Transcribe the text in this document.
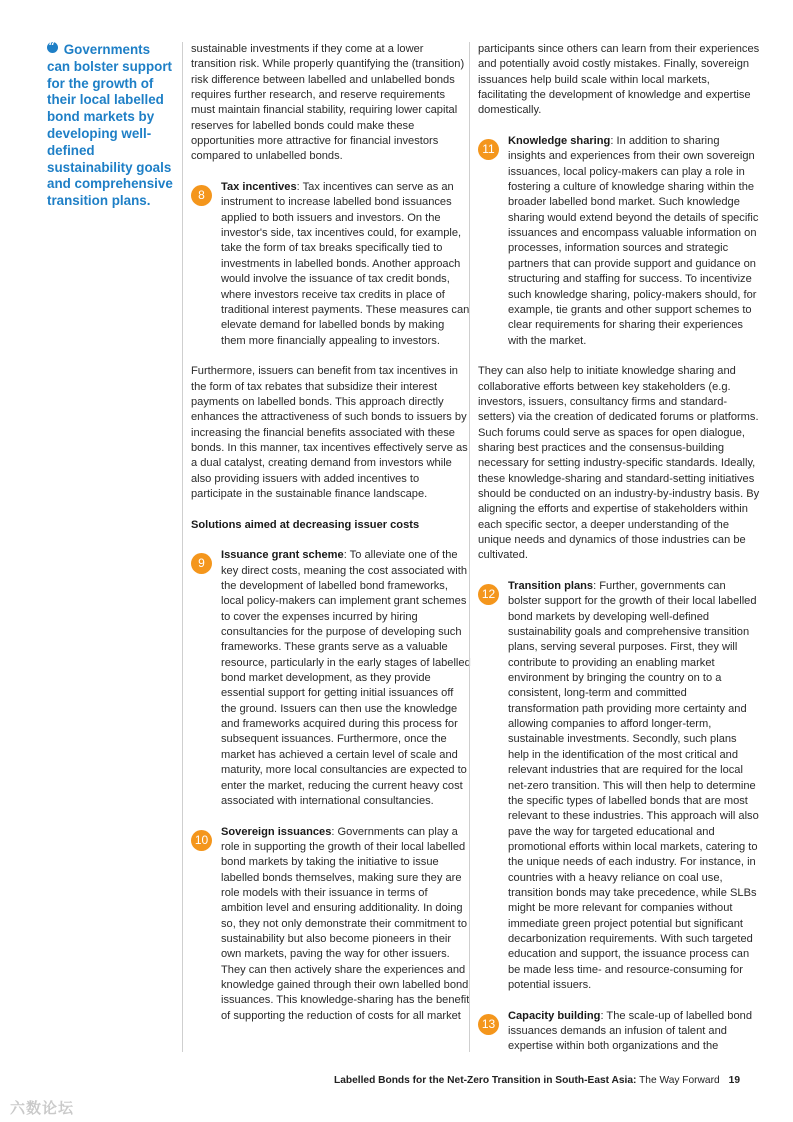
“ Governments can bolster support for the growth of their local labelled bond markets by developing well-defined sustainability goals and comprehensive transition plans.

sustainable investments if they come at a lower transition risk. While properly quantifying the (transition) risk difference between labelled and unlabelled bonds requires further research, and reserve requirements must maintain financial stability, requiring lower capital reserves for labelled bonds could make these opportunities more attractive for financial investors compared to unlabelled bonds.

8
Tax incentives: Tax incentives can serve as an instrument to increase labelled bond issuances applied to both issuers and investors. On the investor's side, tax incentives could, for example, take the form of tax breaks specifically tied to investments in labelled bonds. Another approach would involve the issuance of tax credit bonds, where investors receive tax credits in place of traditional interest payments. These measures can elevate demand for labelled bonds by making them more financially appealing to investors.

Furthermore, issuers can benefit from tax incentives in the form of tax rebates that subsidize their interest payments on labelled bonds. This approach directly enhances the attractiveness of such bonds to issuers by increasing the financial benefits associated with these bonds. In this manner, tax incentives effectively serve as a dual catalyst, creating demand from investors while also providing issuers with added incentives to participate in the sustainable finance landscape.

Solutions aimed at decreasing issuer costs
9
Issuance grant scheme: To alleviate one of the key direct costs, meaning the cost associated with the development of labelled bond frameworks, local policy-makers can implement grant schemes to cover the expenses incurred by hiring consultancies for the purpose of developing such frameworks. These grants serve as a valuable resource, particularly in the early stages of labelled bond market development, as they provide essential support for getting initial issuances off the ground. Issuers can then use the knowledge and frameworks acquired during this process for subsequent issuances. Furthermore, once the market has achieved a certain level of scale and maturity, more local consultancies are expected to enter the market, reducing the current heavy cost associated with international consultancies.
10
Sovereign issuances: Governments can play a role in supporting the growth of their local labelled bond markets by taking the initiative to issue labelled bonds themselves, making sure they are role models with their issuance in terms of ambition level and ensuring additionality. In doing so, they not only demonstrate their commitment to sustainability but also become pioneers in their own markets, paving the way for other issuers. They can then actively share the experiences and knowledge gained through their own labelled bond issuances. This knowledge-sharing has the benefit of supporting the reduction of costs for all market

participants since others can learn from their experiences and potentially avoid costly mistakes. Finally, sovereign issuances help build scale within local markets, facilitating the development of knowledge and expertise domestically.

11
Knowledge sharing: In addition to sharing insights and experiences from their own sovereign issuances, local policy-makers can play a role in fostering a culture of knowledge sharing within the broader labelled bond market. Such knowledge sharing would extend beyond the details of specific issuances and encompass valuable information on processes, information sources and strategic partners that can provide support and guidance on structuring and staffing for success. To incentivize such knowledge sharing, policy-makers should, for example, tie grants and other support schemes to clear requirements for sharing their experiences with the market.

They can also help to initiate knowledge sharing and collaborative efforts between key stakeholders (e.g. investors, issuers, consultancy firms and standard-setters) via the creation of dedicated forums or platforms. Such forums could serve as spaces for open dialogue, sharing best practices and the consensus-building necessary for setting industry-specific standards. Ideally, these knowledge-sharing and standard-setting initiatives should be conducted on an industry-by-industry basis. By aligning the efforts and expertise of stakeholders within each specific sector, a deeper understanding of the unique needs and dynamics of those industries can be cultivated.

12
Transition plans: Further, governments can bolster support for the growth of their local labelled bond markets by developing well-defined sustainability goals and comprehensive transition plans, serving several purposes. First, they will contribute to providing an enabling market environment by bringing the country on to a consistent, long-term and committed transformation path providing more certainty and allowing companies to afford longer-term, sustainable investments. Secondly, such plans help in the identification of the most critical and relevant industries that are required for the local net-zero transition. This will then help to determine the specific types of labelled bonds that are most relevant to these industries. This approach will also pave the way for targeted educational and promotional efforts within local markets, catering to the unique needs of each industry. For instance, in countries with a heavy reliance on coal use, transition bonds may take precedence, while SLBs might be more relevant for companies without immediate green project potential but significant decarbonization requirements. With such targeted education and support, the issuance process can be made less time- and resource-consuming for potential issuers.
13
Capacity building: The scale-up of labelled bond issuances demands an infusion of talent and expertise within both organizations and the
Labelled Bonds for the Net-Zero Transition in South-East Asia: The Way Forward 19
六数论坛
